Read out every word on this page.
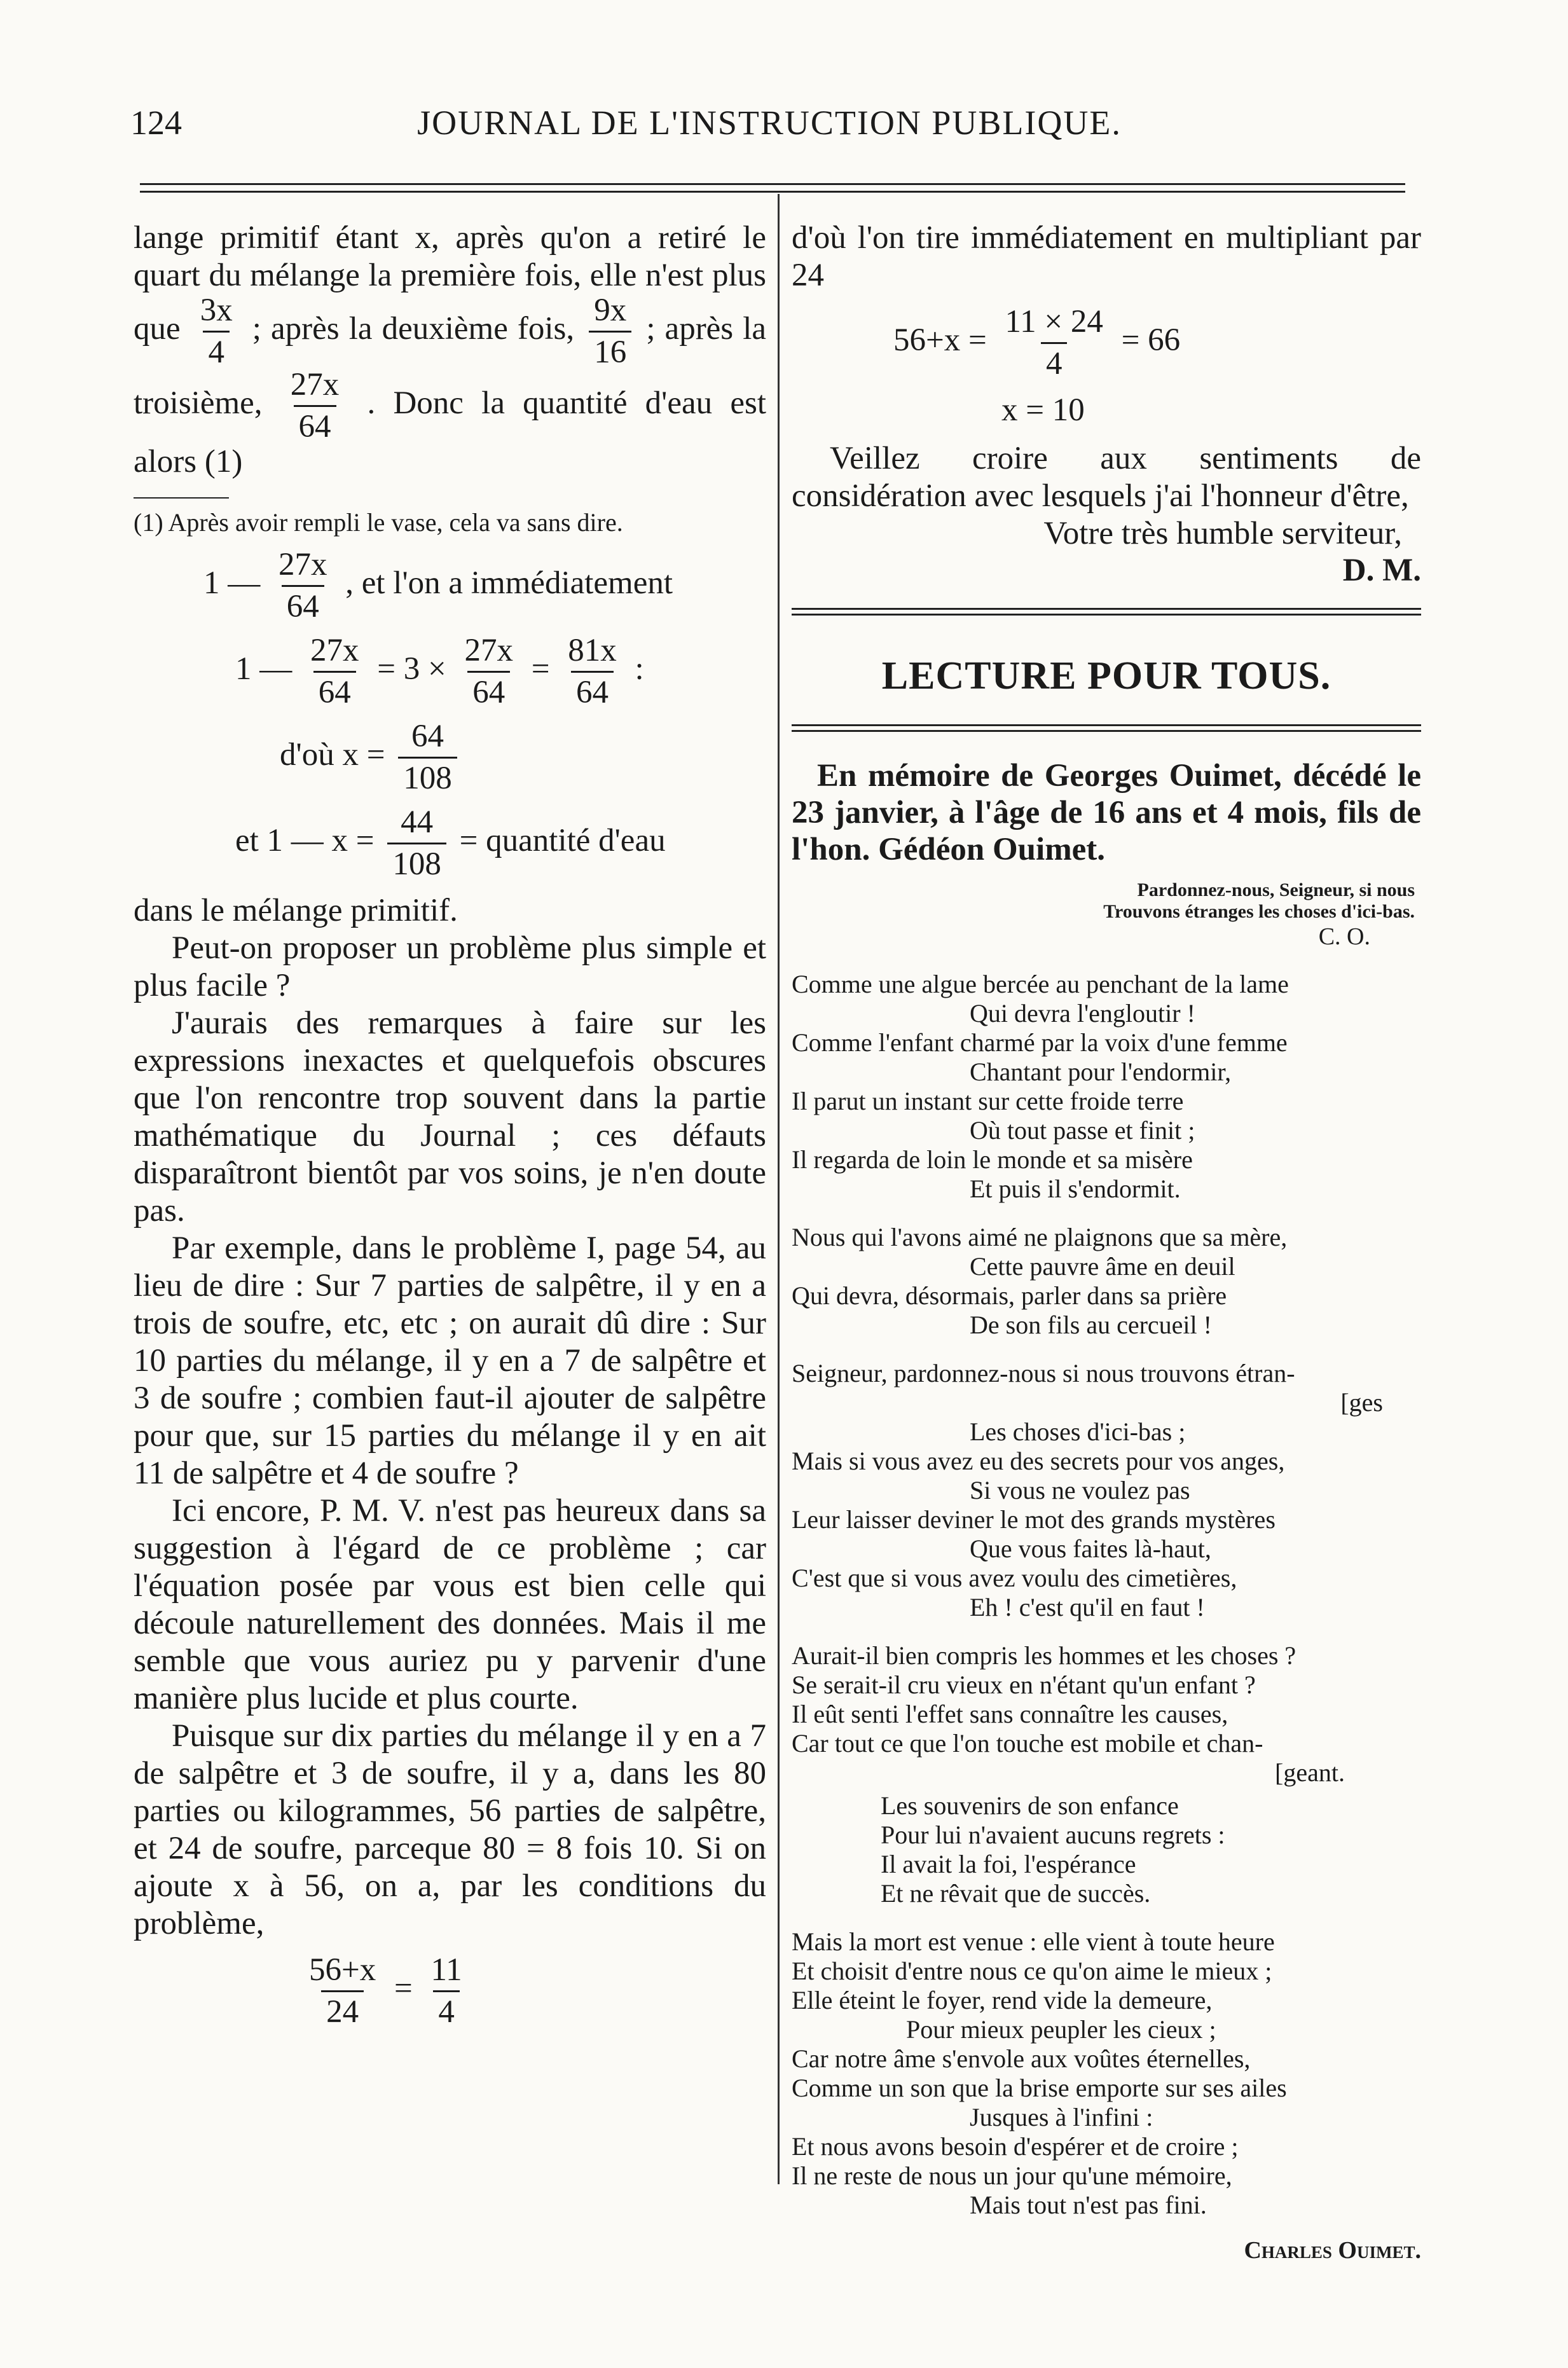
124	JOURNAL DE L'INSTRUCTION PUBLIQUE.

lange primitif étant x, après qu'on a retiré le quart du mélange la première fois, elle n'est plus que $\frac{3x}{4}$ ; après la deuxième fois, $\frac{9x}{16}$ ; après la troisième, $\frac{27x}{64}$ . Donc la quantité d'eau est alors (1)

(1) Après avoir rempli le vase, cela va sans dire.

1 — $\frac{27x}{64}$ , et l'on a immédiatement
1 — $\frac{27x}{64} = 3 \times \frac{27x}{64} = \frac{81x}{64}$ :
d'où $x = \frac{64}{108}$
et 1 — $x = \frac{44}{108}$ = quantité d'eau

dans le mélange primitif.

Peut-on proposer un problème plus simple et plus facile ?

J'aurais des remarques à faire sur les expressions inexactes et quelquefois obscures que l'on rencontre trop souvent dans la partie mathématique du Journal ; ces défauts disparaîtront bientôt par vos soins, je n'en doute pas.

Par exemple, dans le problème I, page 54, au lieu de dire : Sur 7 parties de salpêtre, il y en a trois de soufre, etc, etc ; on aurait dû dire : Sur 10 parties du mélange, il y en a 7 de salpêtre et 3 de soufre ; combien faut-il ajouter de salpêtre pour que, sur 15 parties du mélange il y en ait 11 de salpêtre et 4 de soufre ?

Ici encore, P. M. V. n'est pas heureux dans sa suggestion à l'égard de ce problème ; car l'équation posée par vous est bien celle qui découle naturellement des données. Mais il me semble que vous auriez pu y parvenir d'une manière plus lucide et plus courte.

Puisque sur dix parties du mélange il y en a 7 de salpêtre et 3 de soufre, il y a, dans les 80 parties ou kilogrammes, 56 parties de salpêtre, et 24 de soufre, parceque 80 = 8 fois 10. Si on ajoute x à 56, on a, par les conditions du problème,

$\frac{56+x}{24} = \frac{11}{4}$

d'où l'on tire immédiatement en multipliant par 24

$56+x = \frac{11 \times 24}{4} = 66$

x = 10

Veillez croire aux sentiments de considération avec lesquels j'ai l'honneur d'être,

Votre très humble serviteur,

D. M.

LECTURE POUR TOUS.

En mémoire de Georges Ouimet, décédé le 23 janvier, à l'âge de 16 ans et 4 mois, fils de l'hon. Gédéon Ouimet.

Pardonnez-nous, Seigneur, si nous

Trouvons étranges les choses d'ici-bas.

C. O.

Comme une algue bercée au penchant de la lame
Qui devra l'engloutir !
Comme l'enfant charmé par la voix d'une femme
Chantant pour l'endormir,
Il parut un instant sur cette froide terre
Où tout passe et finit ;
Il regarda de loin le monde et sa misère
Et puis il s'endormit.
Nous qui l'avons aimé ne plaignons que sa mère,
Cette pauvre âme en deuil
Qui devra, désormais, parler dans sa prière
De son fils au cercueil !
Seigneur, pardonnez-nous si nous trouvons étran-
[ges
Les choses d'ici-bas ;
Mais si vous avez eu des secrets pour vos anges,
Si vous ne voulez pas
Leur laisser deviner le mot des grands mystères
Que vous faites là-haut,
C'est que si vous avez voulu des cimetières,
Eh ! c'est qu'il en faut !
Aurait-il bien compris les hommes et les choses ?
Se serait-il cru vieux en n'étant qu'un enfant ?
Il eût senti l'effet sans connaître les causes,
Car tout ce que l'on touche est mobile et chan-
[geant.
Les souvenirs de son enfance
Pour lui n'avaient aucuns regrets :
Il avait la foi, l'espérance
Et ne rêvait que de succès.
Mais la mort est venue : elle vient à toute heure
Et choisit d'entre nous ce qu'on aime le mieux ;
Elle éteint le foyer, rend vide la demeure,
Pour mieux peupler les cieux ;
Car notre âme s'envole aux voûtes éternelles,
Comme un son que la brise emporte sur ses ailes
Jusques à l'infini :
Et nous avons besoin d'espérer et de croire ;
Il ne reste de nous un jour qu'une mémoire,
Mais tout n'est pas fini.

Charles Ouimet.
